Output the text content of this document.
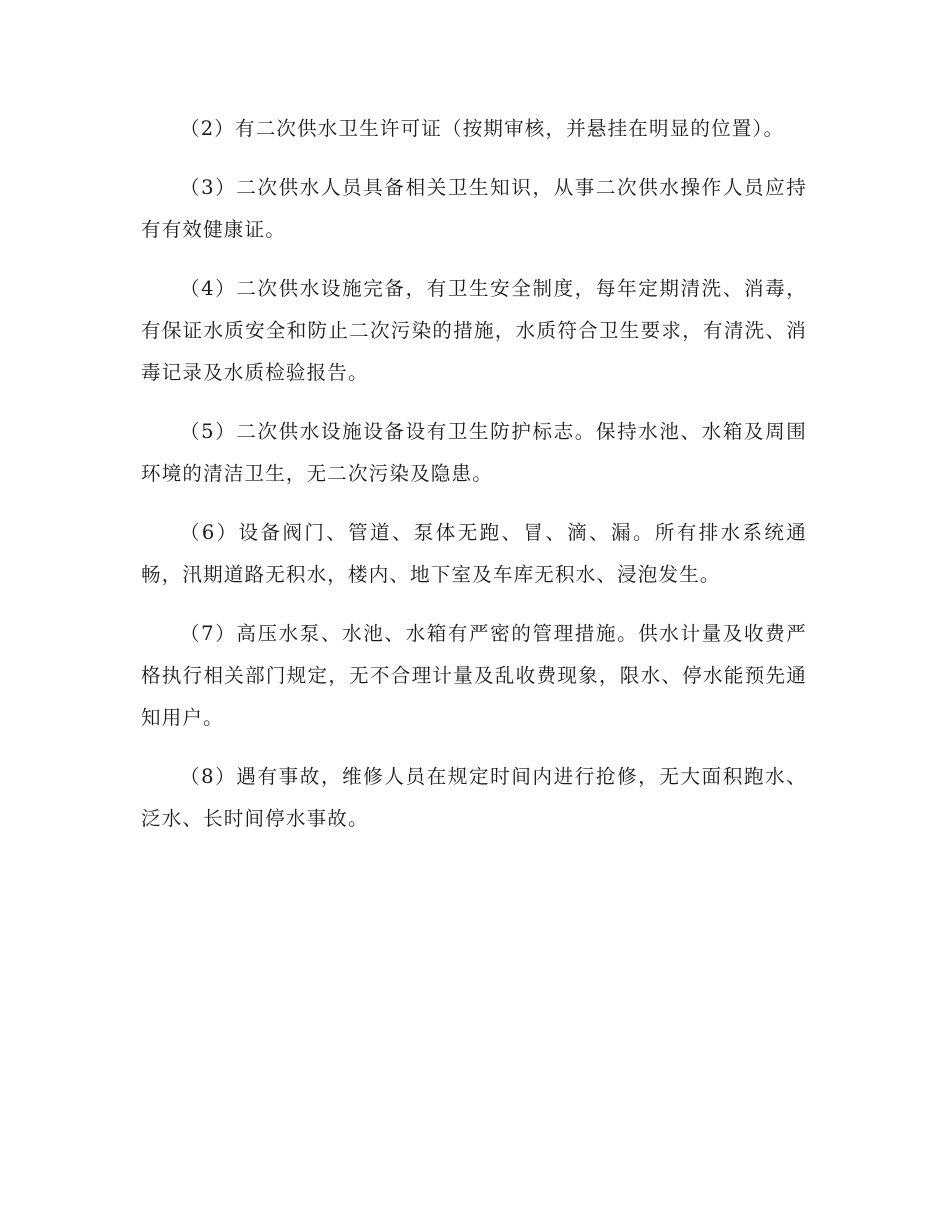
（2）有二次供水卫生许可证（按期审核，并悬挂在明显的位置）。

（3）二次供水人员具备相关卫生知识，从事二次供水操作人员应持有有效健康证。

（4）二次供水设施完备，有卫生安全制度，每年定期清洗、消毒，有保证水质安全和防止二次污染的措施，水质符合卫生要求，有清洗、消毒记录及水质检验报告。

（5）二次供水设施设备设有卫生防护标志。保持水池、水箱及周围环境的清洁卫生，无二次污染及隐患。

（6）设备阀门、管道、泵体无跑、冒、滴、漏。所有排水系统通畅，汛期道路无积水，楼内、地下室及车库无积水、浸泡发生。

（7）高压水泵、水池、水箱有严密的管理措施。供水计量及收费严格执行相关部门规定，无不合理计量及乱收费现象，限水、停水能预先通知用户。

（8）遇有事故，维修人员在规定时间内进行抢修，无大面积跑水、泛水、长时间停水事故。
